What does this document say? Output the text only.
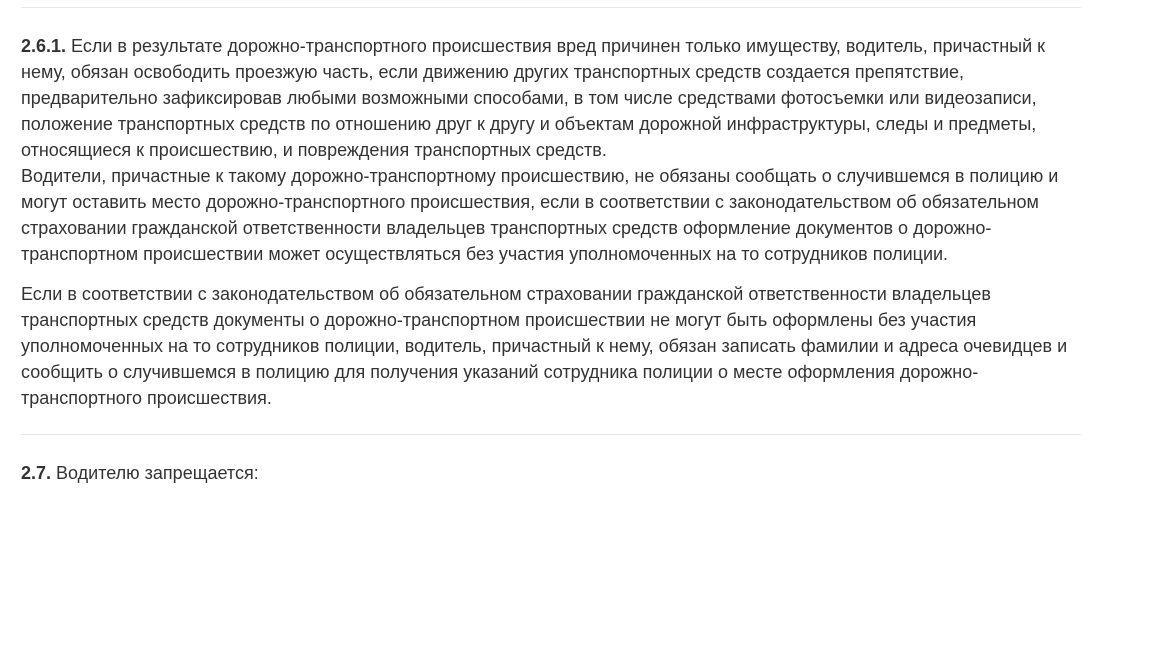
2.6.1. Если в результате дорожно-транспортного происшествия вред причинен только имуществу, водитель, причастный к нему, обязан освободить проезжую часть, если движению других транспортных средств создается препятствие, предварительно зафиксировав любыми возможными способами, в том числе средствами фотосъемки или видеозаписи, положение транспортных средств по отношению друг к другу и объектам дорожной инфраструктуры, следы и предметы, относящиеся к происшествию, и повреждения транспортных средств.

Водители, причастные к такому дорожно-транспортному происшествию, не обязаны сообщать о случившемся в полицию и могут оставить место дорожно-транспортного происшествия, если в соответствии с законодательством об обязательном страховании гражданской ответственности владельцев транспортных средств оформление документов о дорожно-транспортном происшествии может осуществляться без участия уполномоченных на то сотрудников полиции.

Если в соответствии с законодательством об обязательном страховании гражданской ответственности владельцев транспортных средств документы о дорожно-транспортном происшествии не могут быть оформлены без участия уполномоченных на то сотрудников полиции, водитель, причастный к нему, обязан записать фамилии и адреса очевидцев и сообщить о случившемся в полицию для получения указаний сотрудника полиции о месте оформления дорожно-транспортного происшествия.

2.7. Водителю запрещается:
